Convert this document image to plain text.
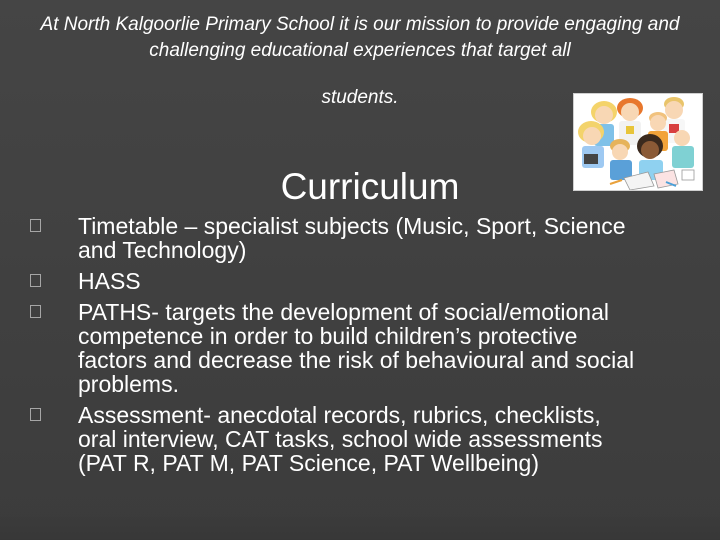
At North Kalgoorlie Primary School it is our mission to provide engaging and challenging educational experiences that target all
students.
Curriculum
Timetable – specialist subjects (Music, Sport, Science and Technology)
HASS
PATHS- targets the development of social/emotional competence in order to build children’s protective factors and decrease the risk of behavioural and social problems.
Assessment- anecdotal records, rubrics, checklists, oral interview, CAT tasks, school wide assessments (PAT R, PAT M, PAT Science, PAT Wellbeing)
